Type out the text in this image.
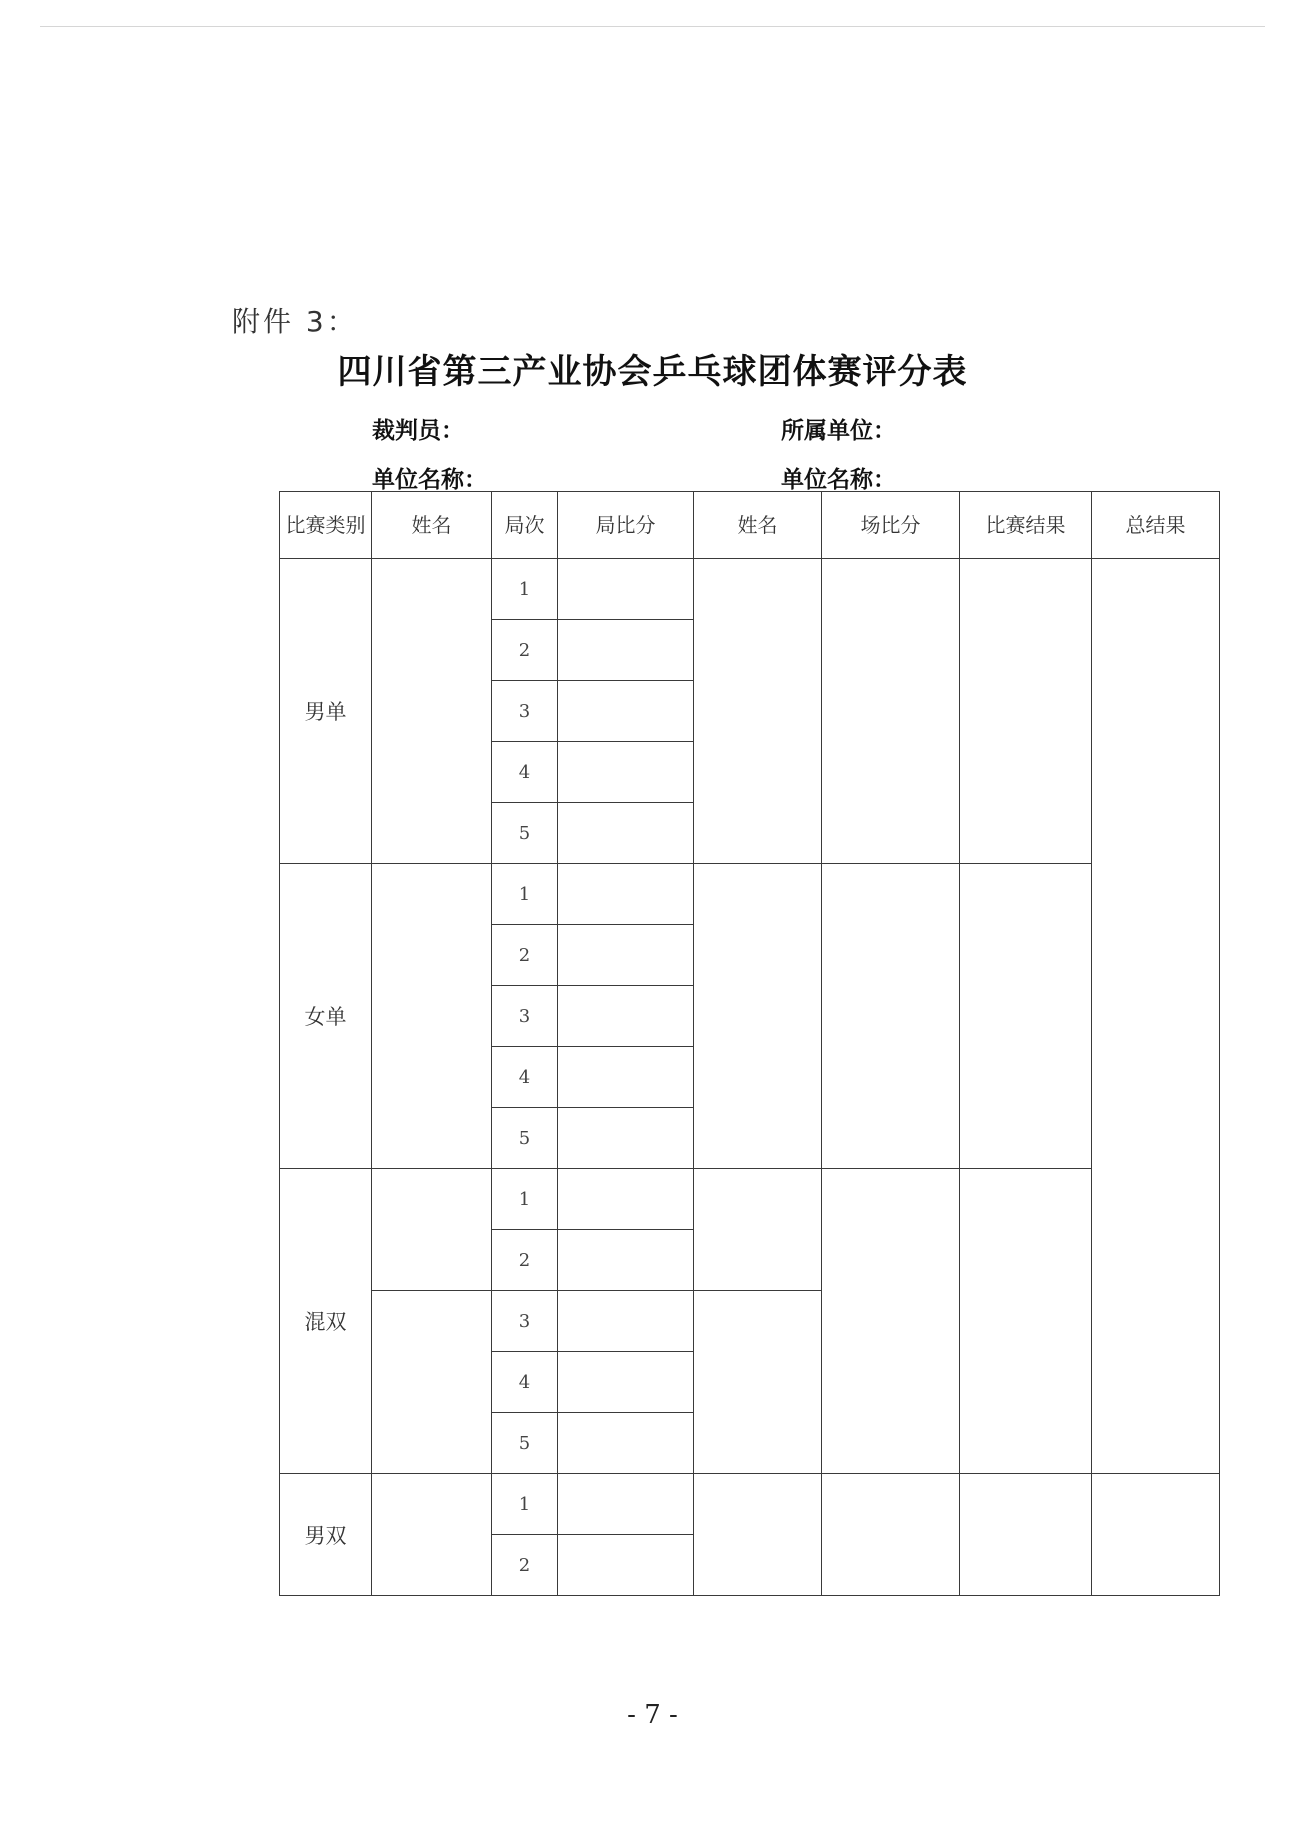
附件 3：
四川省第三产业协会乒乓球团体赛评分表
裁判员：	所属单位：
单位名称：	单位名称：
比赛类别	姓名	局次	局比分	姓名	场比分	比赛结果	总结果
男单		1					
		2					
		3					
		4					
		5					
女单		1					
		2					
		3					
		4					
		5					
混双		1					
		2					
		3					
		4					
		5					
男双		1					
		2					
- 7 -
